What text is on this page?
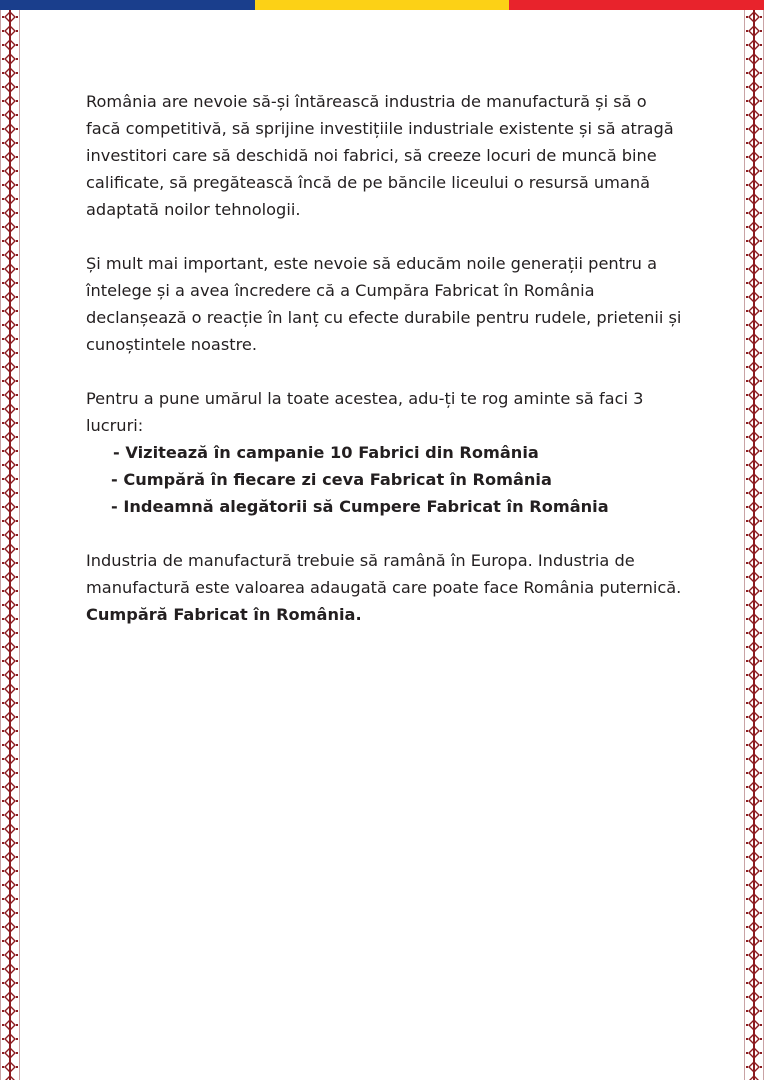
România are nevoie să-și întărească industria de manufactură și să o facă competitivă, să sprijine investițiile industriale existente și să atragă investitori care să deschidă noi fabrici, să creeze locuri de muncă bine calificate, să pregătească încă de pe băncile liceului o resursă umană adaptată noilor tehnologii.

Și mult mai important, este nevoie să educăm noile generații pentru a întelege și a avea încredere că a Cumpăra Fabricat în România declanșează o reacție în lanț cu efecte durabile pentru rudele, prietenii și cunoștintele noastre.

Pentru a pune umărul la toate acestea, adu-ți te rog aminte să faci 3 lucruri:

- Vizitează în campanie 10 Fabrici din România
- Cumpără în fiecare zi ceva Fabricat în România
- Indeamnă alegătorii să Cumpere Fabricat în România

Industria de manufactură trebuie să ramână în Europa. Industria de manufactură este valoarea adaugată care poate face România puternică.

Cumpără Fabricat în România.
